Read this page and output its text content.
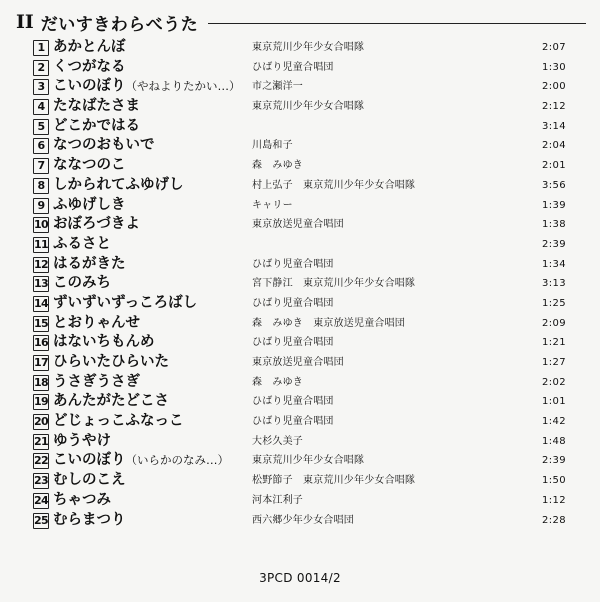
II だいすきわらべうた
1 あかとんぼ	東京荒川少年少女合唱隊	2:07
2 くつがなる	ひばり児童合唱団	1:30
3 こいのぼり（やねよりたかい…） 市之瀬洋一	2:00
4 たなばたさま	東京荒川少年少女合唱隊	2:12
5 どこかではる	3:14
6 なつのおもいで	川島和子	2:04
7 ななつのこ	森　みゆき	2:01
8 しかられてふゆげし	村上弘子　東京荒川少年少女合唱隊	3:56
9 ふゆげしき	キャリー	1:39
10 おぼろづきよ	東京放送児童合唱団	1:38
11 ふるさと	2:39
12 はるがきた	ひばり児童合唱団	1:34
13 このみち	宮下静江　東京荒川少年少女合唱隊	3:13
14 ずいずいずっころばし	ひばり児童合唱団	1:25
15 とおりゃんせ	森　みゆき　東京放送児童合唱団	2:09
16 はないちもんめ	ひばり児童合唱団	1:21
17 ひらいたひらいた	東京放送児童合唱団	1:27
18 うさぎうさぎ	森　みゆき	2:02
19 あんたがたどこさ	ひばり児童合唱団	1:01
20 どじょっこふなっこ	ひばり児童合唱団	1:42
21 ゆうやけ	大杉久美子	1:48
22 こいのぼり（いらかのなみ…） 東京荒川少年少女合唱隊	2:39
23 むしのこえ	松野節子　東京荒川少年少女合唱隊	1:50
24 ちゃつみ	河本江利子	1:12
25 むらまつり	西六郷少年少女合唱団	2:28
3PCD 0014/2
